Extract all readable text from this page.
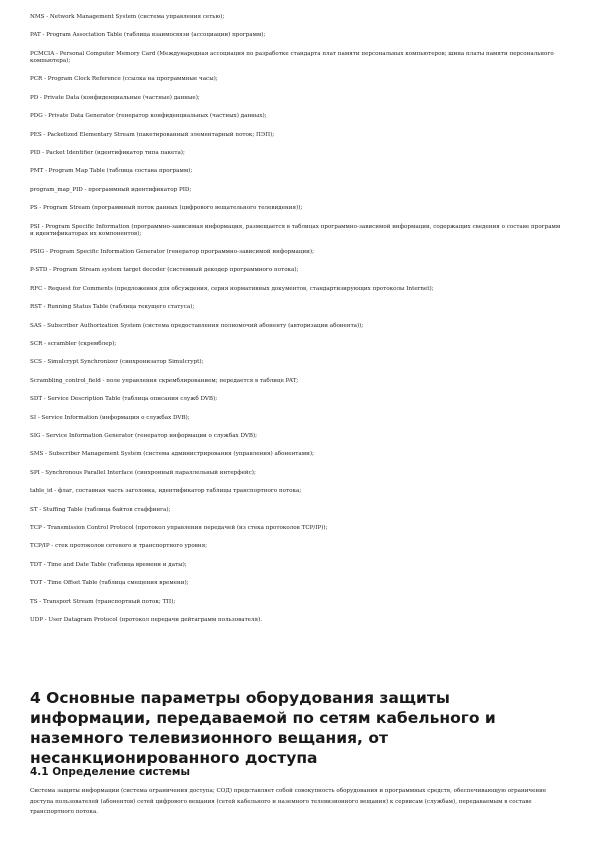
NMS - Network Management System (система управления сетью);

PAT - Program Association Table (таблица взаимосвязи (ассоциации) программ);

PCMCIA - Personal Computer Memory Card (Международная ассоциация по разработке стандарта плат памяти персональных компьютеров; шина платы памяти персонального компьютера);

PCR - Program Clock Reference (ссылка на программные часы);

PD - Private Data (конфиденциальные (частные) данные);

PDG - Private Data Generator (генератор конфиденциальных (частных) данных);

PES - Packetized Elementary Stream (пакетированный элементарный поток; ПЭП);

PID - Packet Identifier (идентификатор типа пакета);

PMT - Program Map Table (таблица состава программ);

program_map_PID - программный идентификатор PID;

PS - Program Stream (программный поток данных (цифрового вещательного телевидения));

PSI - Program Specific Information (программно-зависимая информация, размещается в таблицах программно-зависимой информации, содержащих сведения о составе программ и идентификаторах их компонентов);

PSIG - Program Specific Information Generator (генератор программно-зависимой информации);

P-STD - Program Stream system target decoder (системный декодер программного потока);

RFC - Request for Comments (предложения для обсуждения, серия нормативных документов, стандартизирующих протоколы Internet);

RST - Running Status Table (таблица текущего статуса);

SAS - Subscriber Authorization System (система предоставления полномочий абоненту (авторизации абонента));

SCR - scrambler (скремблер);

SCS - Simulcrypt Synchronizer (синхронизатор Simulcrypt);

Scrambling_control_field - поле управления скремблированием; передается в таблице PAT;

SDT - Service Description Table (таблица описания служб DVB);

SI - Service Information (информация о службах DVB);

SIG - Service Information Generator (генератор информации о службах DVB);

SMS - Subscriber Management System (система администрирования (управления) абонентами);

SPI - Synchronous Parallel Interface (синхронный параллельный интерфейс);

table_id - флаг, составная часть заголовка, идентификатор таблицы транспортного потока;

ST - Stuffing Table (таблица байтов стаффинга);

TCP - Transmission Control Protocol (протокол управления передачей (из стека протоколов TCP/IP));

TCP/IP - стек протоколов сетевого и транспортного уровня;

TDT - Time and Date Table (таблица времени и даты);

TOT - Time Offset Table (таблица смещения времени);

TS - Transport Stream (транспортный поток; ТП);

UDP - User Datagram Protocol (протокол передачи дейтаграмм пользователя).

4 Основные параметры оборудования защиты информации, передаваемой по сетям кабельного и наземного телевизионного вещания, от несанкционированного доступа
4.1 Определение системы

Система защиты информации (система ограничения доступа; СОД) представляет собой совокупность оборудования и программных средств, обеспечивающую ограничение доступа пользователей (абонентов) сетей цифрового вещания (сетей кабельного и наземного телевизионного вещания) к сервисам (службам), передаваемым в составе транспортного потока.
